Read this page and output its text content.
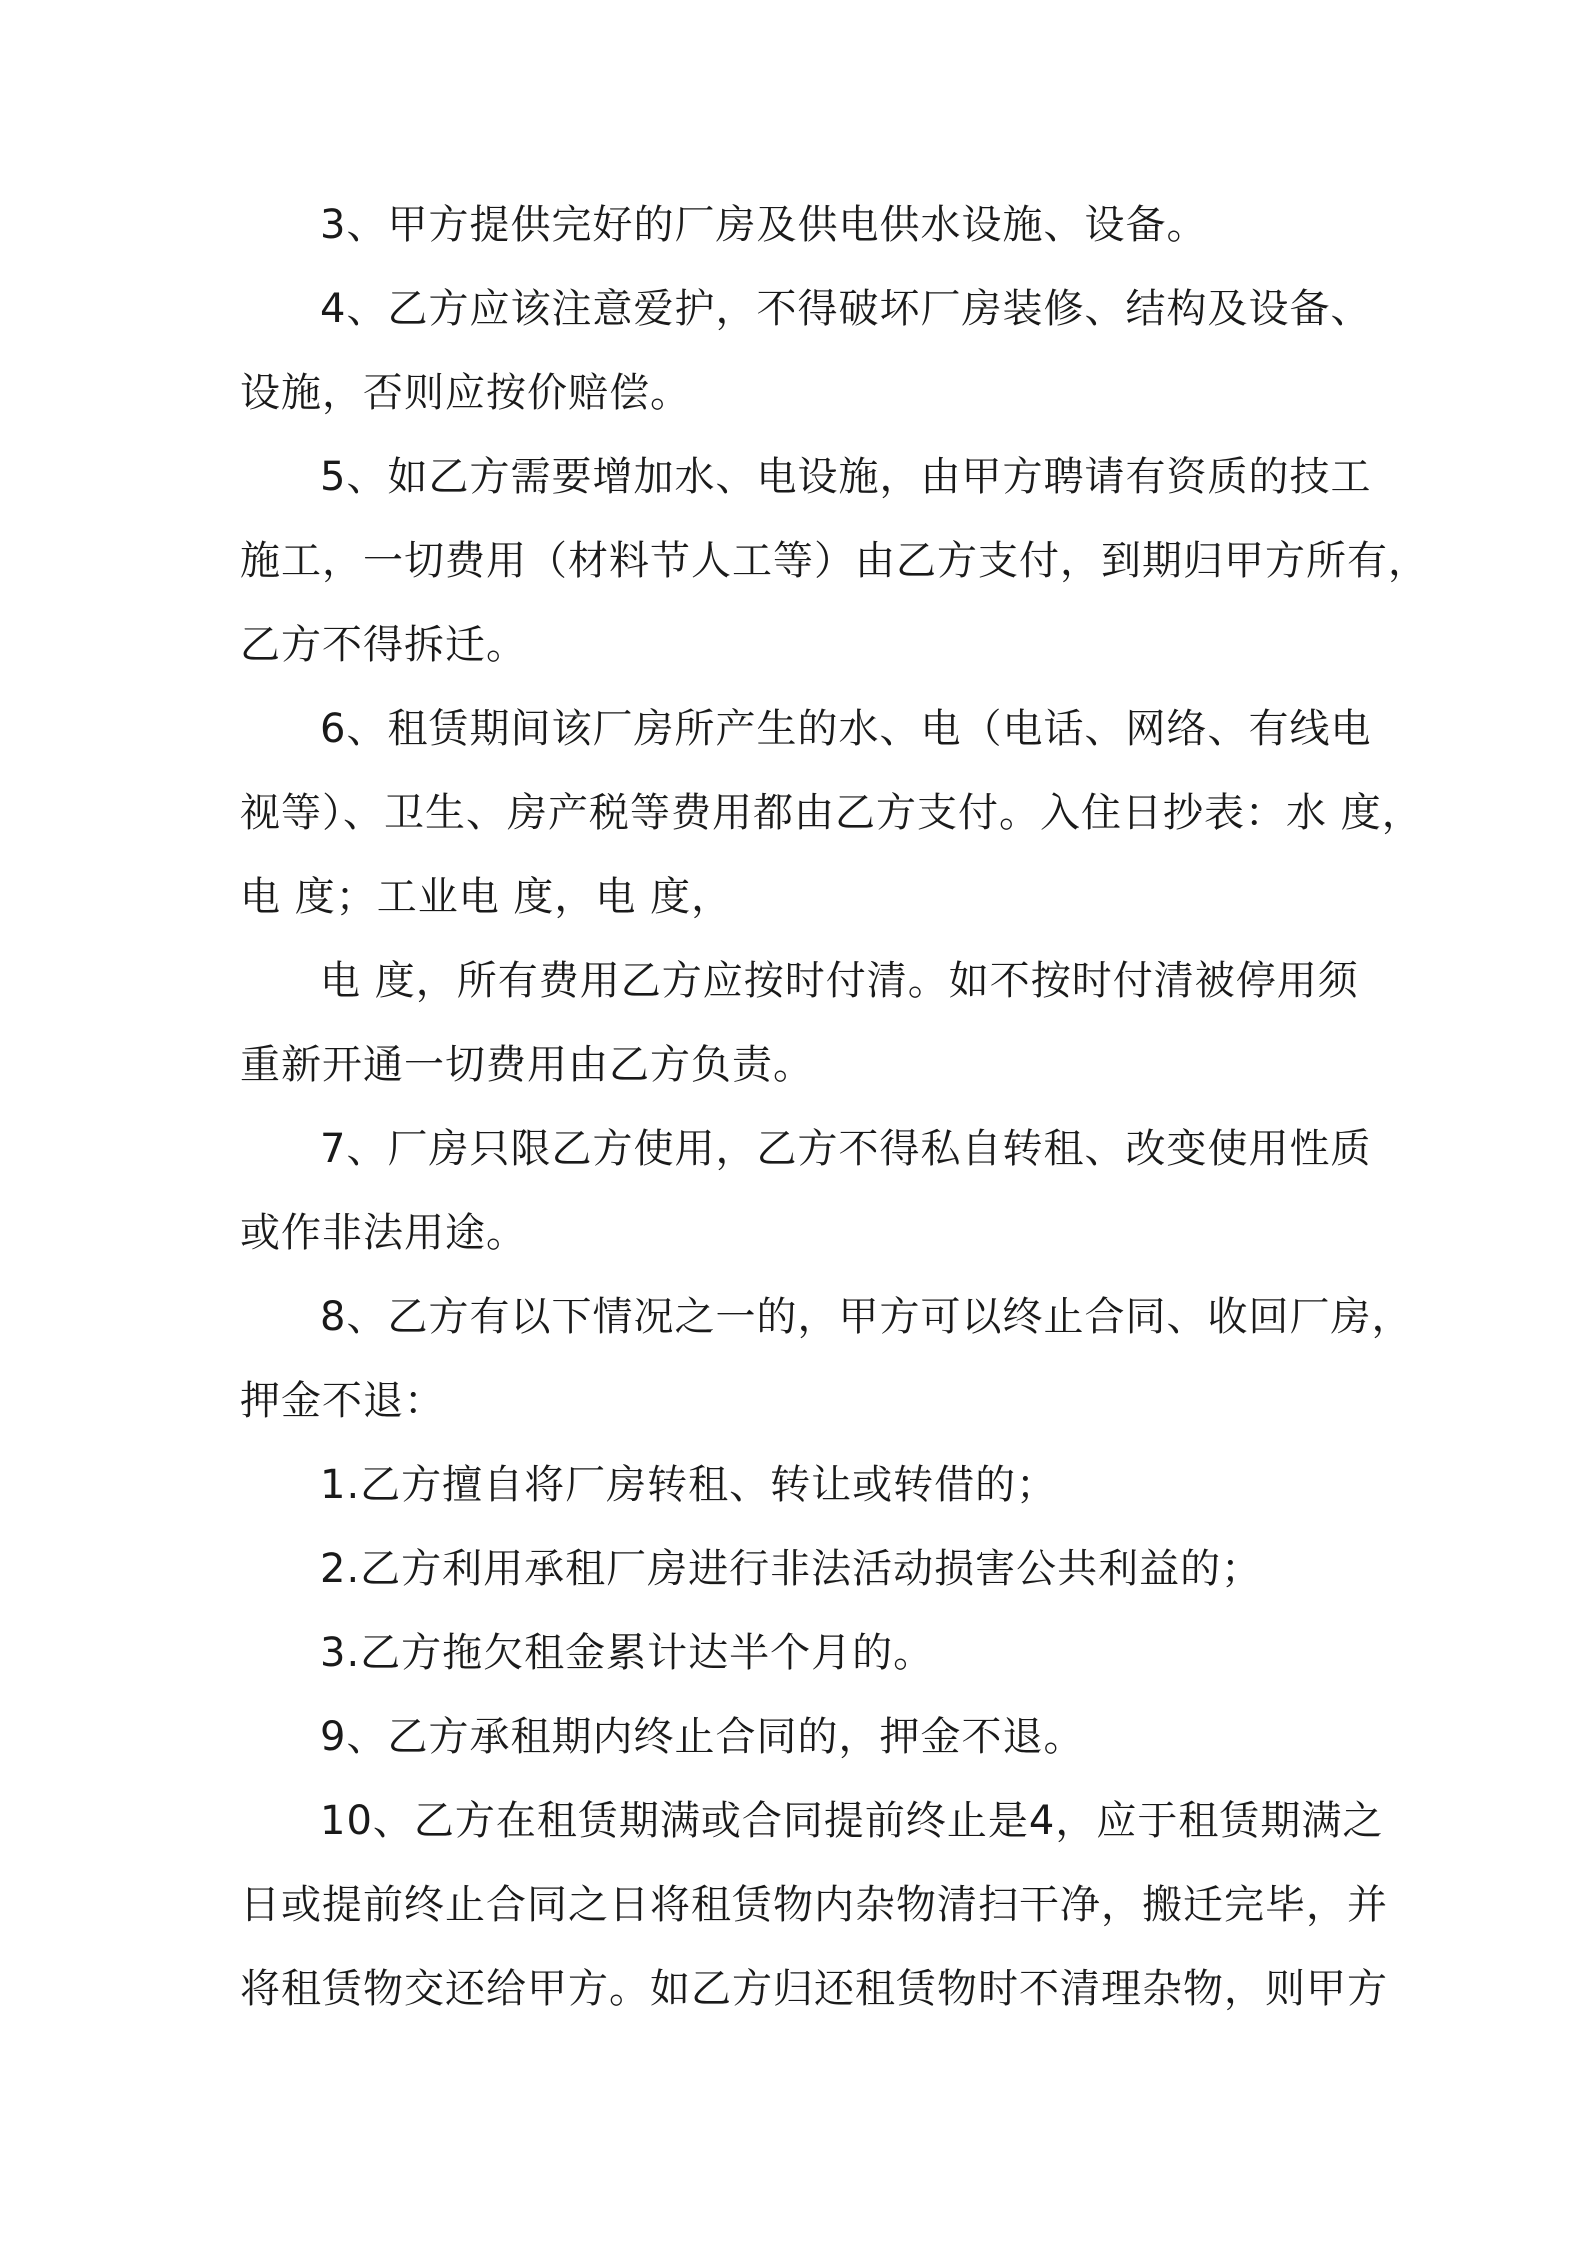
3、甲方提供完好的厂房及供电供水设施、设备。
4、乙方应该注意爱护，不得破坏厂房装修、结构及设备、
设施，否则应按价赔偿。
5、如乙方需要增加水、电设施，由甲方聘请有资质的技工
施工，一切费用（材料节人工等）由乙方支付，到期归甲方所有，
乙方不得拆迁。
6、租赁期间该厂房所产生的水、电（电话、网络、有线电
视等）、卫生、房产税等费用都由乙方支付。入住日抄表：水 度，
电 度；工业电 度，电 度，
电 度，所有费用乙方应按时付清。如不按时付清被停用须
重新开通一切费用由乙方负责。
7、厂房只限乙方使用，乙方不得私自转租、改变使用性质
或作非法用途。
8、乙方有以下情况之一的，甲方可以终止合同、收回厂房，
押金不退：
1.乙方擅自将厂房转租、转让或转借的；
2.乙方利用承租厂房进行非法活动损害公共利益的；
3.乙方拖欠租金累计达半个月的。
9、乙方承租期内终止合同的，押金不退。
10、乙方在租赁期满或合同提前终止是4，应于租赁期满之
日或提前终止合同之日将租赁物内杂物清扫干净，搬迁完毕，并
将租赁物交还给甲方。如乙方归还租赁物时不清理杂物，则甲方
